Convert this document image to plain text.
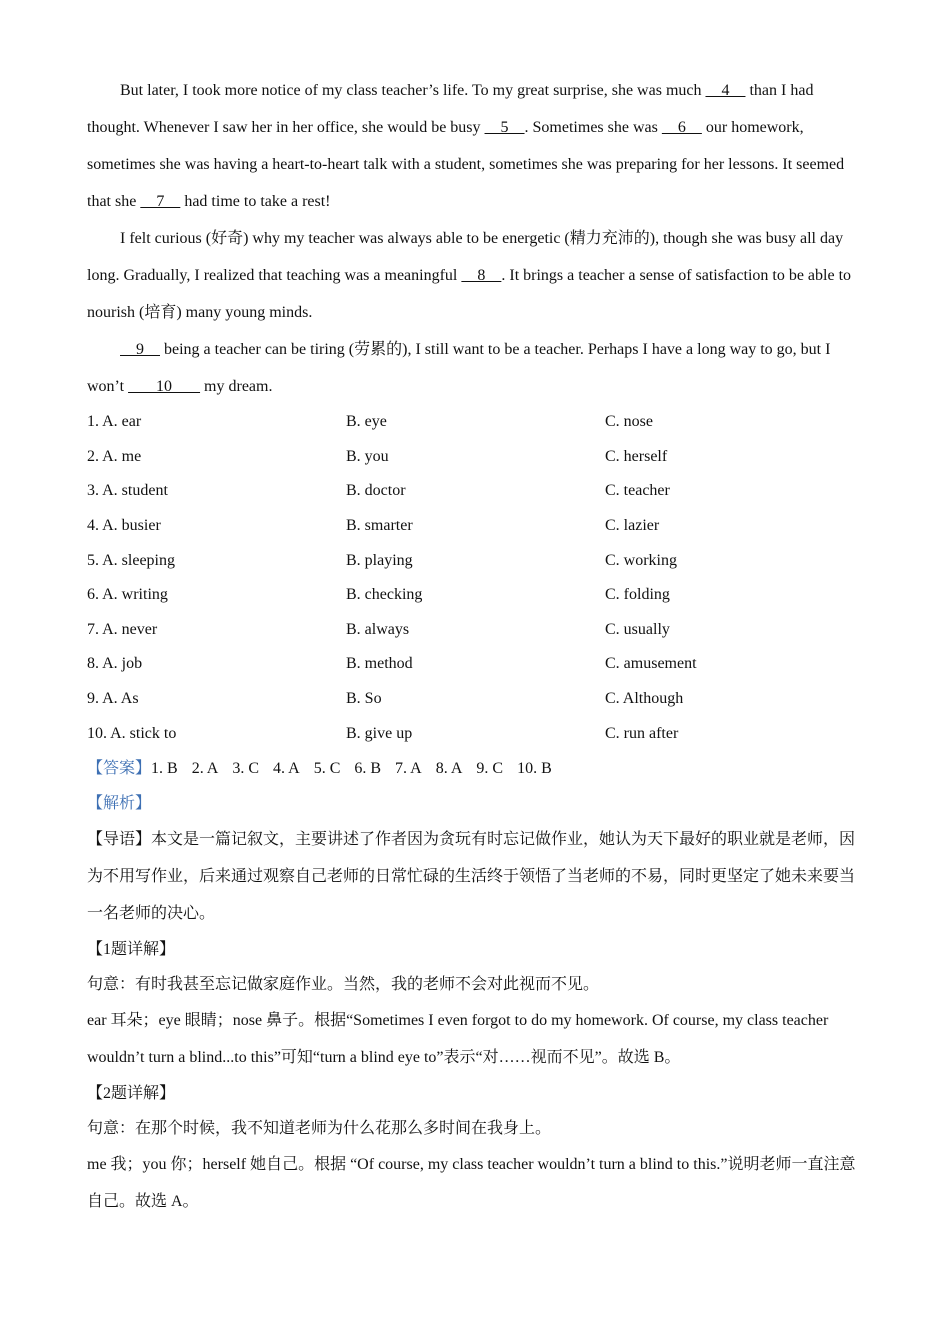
But later, I took more notice of my class teacher’s life. To my great surprise, she was much     4     than I had thought. Whenever I saw her in her office, she would be busy     5    . Sometimes she was     6     our homework, sometimes she was having a heart-to-heart talk with a student, sometimes she was preparing for her lessons. It seemed that she     7     had time to take a rest!

I felt curious (好奇) why my teacher was always able to be energetic (精力充沛的), though she was busy all day long. Gradually, I realized that teaching was a meaningful     8    . It brings a teacher a sense of satisfaction to be able to nourish (培育) many young minds.

9     being a teacher can be tiring (劳累的), I still want to be a teacher. Perhaps I have a long way to go, but I won’t        10        my dream.

1. A. ear	B. eye	C. nose
2. A. me	B. you	C. herself
3. A. student	B. doctor	C. teacher
4. A. busier	B. smarter	C. lazier
5. A. sleeping	B. playing	C. working
6. A. writing	B. checking	C. folding
7. A. never	B. always	C. usually
8. A. job	B. method	C. amusement
9. A. As	B. So	C. Although
10. A. stick to	B. give up	C. run after

【答案】1. B 2. A 3. C 4. A 5. C 6. B 7. A 8. A 9. C 10. B

【解析】

【导语】本文是一篇记叙文，主要讲述了作者因为贪玩有时忘记做作业，她认为天下最好的职业就是老师，因为不用写作业，后来通过观察自己老师的日常忙碌的生活终于领悟了当老师的不易，同时更坚定了她未来要当一名老师的决心。

【1题详解】

句意：有时我甚至忘记做家庭作业。当然，我的老师不会对此视而不见。

ear 耳朵；eye 眼睛；nose 鼻子。根据“Sometimes I even forgot to do my homework. Of course, my class teacher wouldn’t turn a blind...to this”可知“turn a blind eye to”表示“对……视而不见”。故选 B。

【2题详解】

句意：在那个时候，我不知道老师为什么花那么多时间在我身上。

me 我；you 你；herself 她自己。根据 “Of course, my class teacher wouldn’t turn a blind to this.”说明老师一直注意自己。故选 A。
